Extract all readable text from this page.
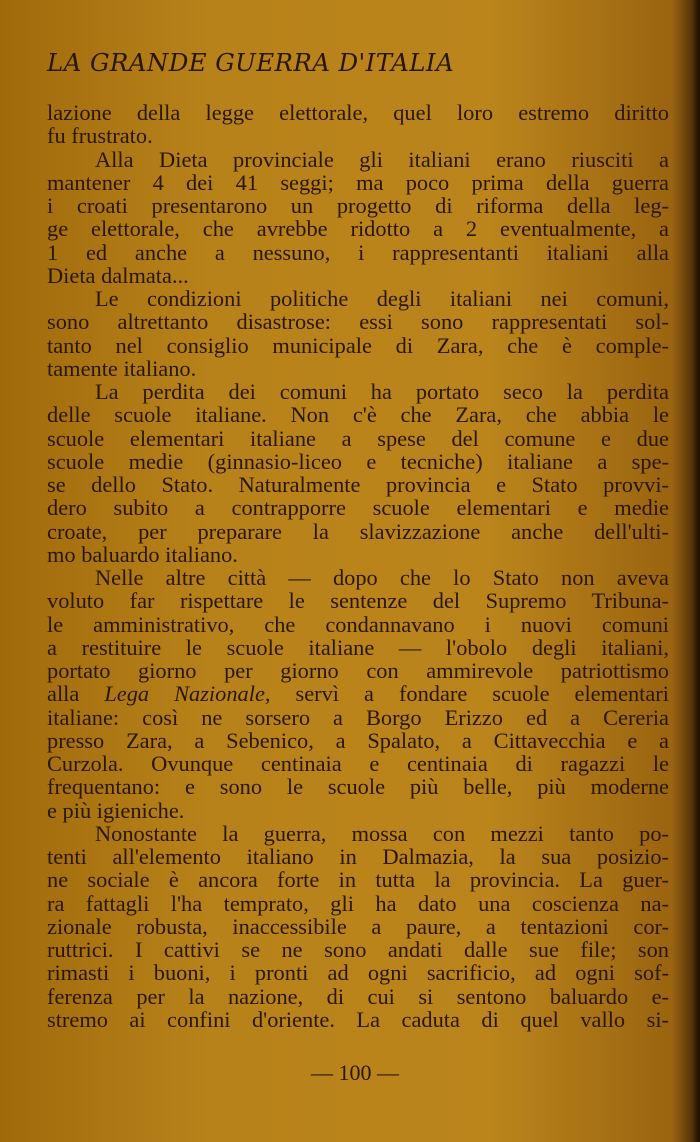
LA GRANDE GUERRA D'ITALIA
lazione della legge elettorale, quel loro estremo diritto
fu frustrato.
Alla Dieta provinciale gli italiani erano riusciti a
mantener 4 dei 41 seggi; ma poco prima della guerra
i croati presentarono un progetto di riforma della leg-
ge elettorale, che avrebbe ridotto a 2 eventualmente, a
1 ed anche a nessuno, i rappresentanti italiani alla
Dieta dalmata...
Le condizioni politiche degli italiani nei comuni,
sono altrettanto disastrose: essi sono rappresentati sol-
tanto nel consiglio municipale di Zara, che è comple-
tamente italiano.
La perdita dei comuni ha portato seco la perdita
delle scuole italiane. Non c'è che Zara, che abbia le
scuole elementari italiane a spese del comune e due
scuole medie (ginnasio-liceo e tecniche) italiane a spe-
se dello Stato. Naturalmente provincia e Stato provvi-
dero subito a contrapporre scuole elementari e medie
croate, per preparare la slavizzazione anche dell'ulti-
mo baluardo italiano.
Nelle altre città — dopo che lo Stato non aveva
voluto far rispettare le sentenze del Supremo Tribuna-
le amministrativo, che condannavano i nuovi comuni
a restituire le scuole italiane — l'obolo degli italiani,
portato giorno per giorno con ammirevole patriottismo
alla Lega Nazionale, servì a fondare scuole elementari
italiane: così ne sorsero a Borgo Erizzo ed a Cereria
presso Zara, a Sebenico, a Spalato, a Cittavecchia e a
Curzola. Ovunque centinaia e centinaia di ragazzi le
frequentano: e sono le scuole più belle, più moderne
e più igieniche.
Nonostante la guerra, mossa con mezzi tanto po-
tenti all'elemento italiano in Dalmazia, la sua posizio-
ne sociale è ancora forte in tutta la provincia. La guer-
ra fattagli l'ha temprato, gli ha dato una coscienza na-
zionale robusta, inaccessibile a paure, a tentazioni cor-
ruttrici. I cattivi se ne sono andati dalle sue file; son
rimasti i buoni, i pronti ad ogni sacrificio, ad ogni sof-
ferenza per la nazione, di cui si sentono baluardo e-
stremo ai confini d'oriente. La caduta di quel vallo si-
— 100 —
